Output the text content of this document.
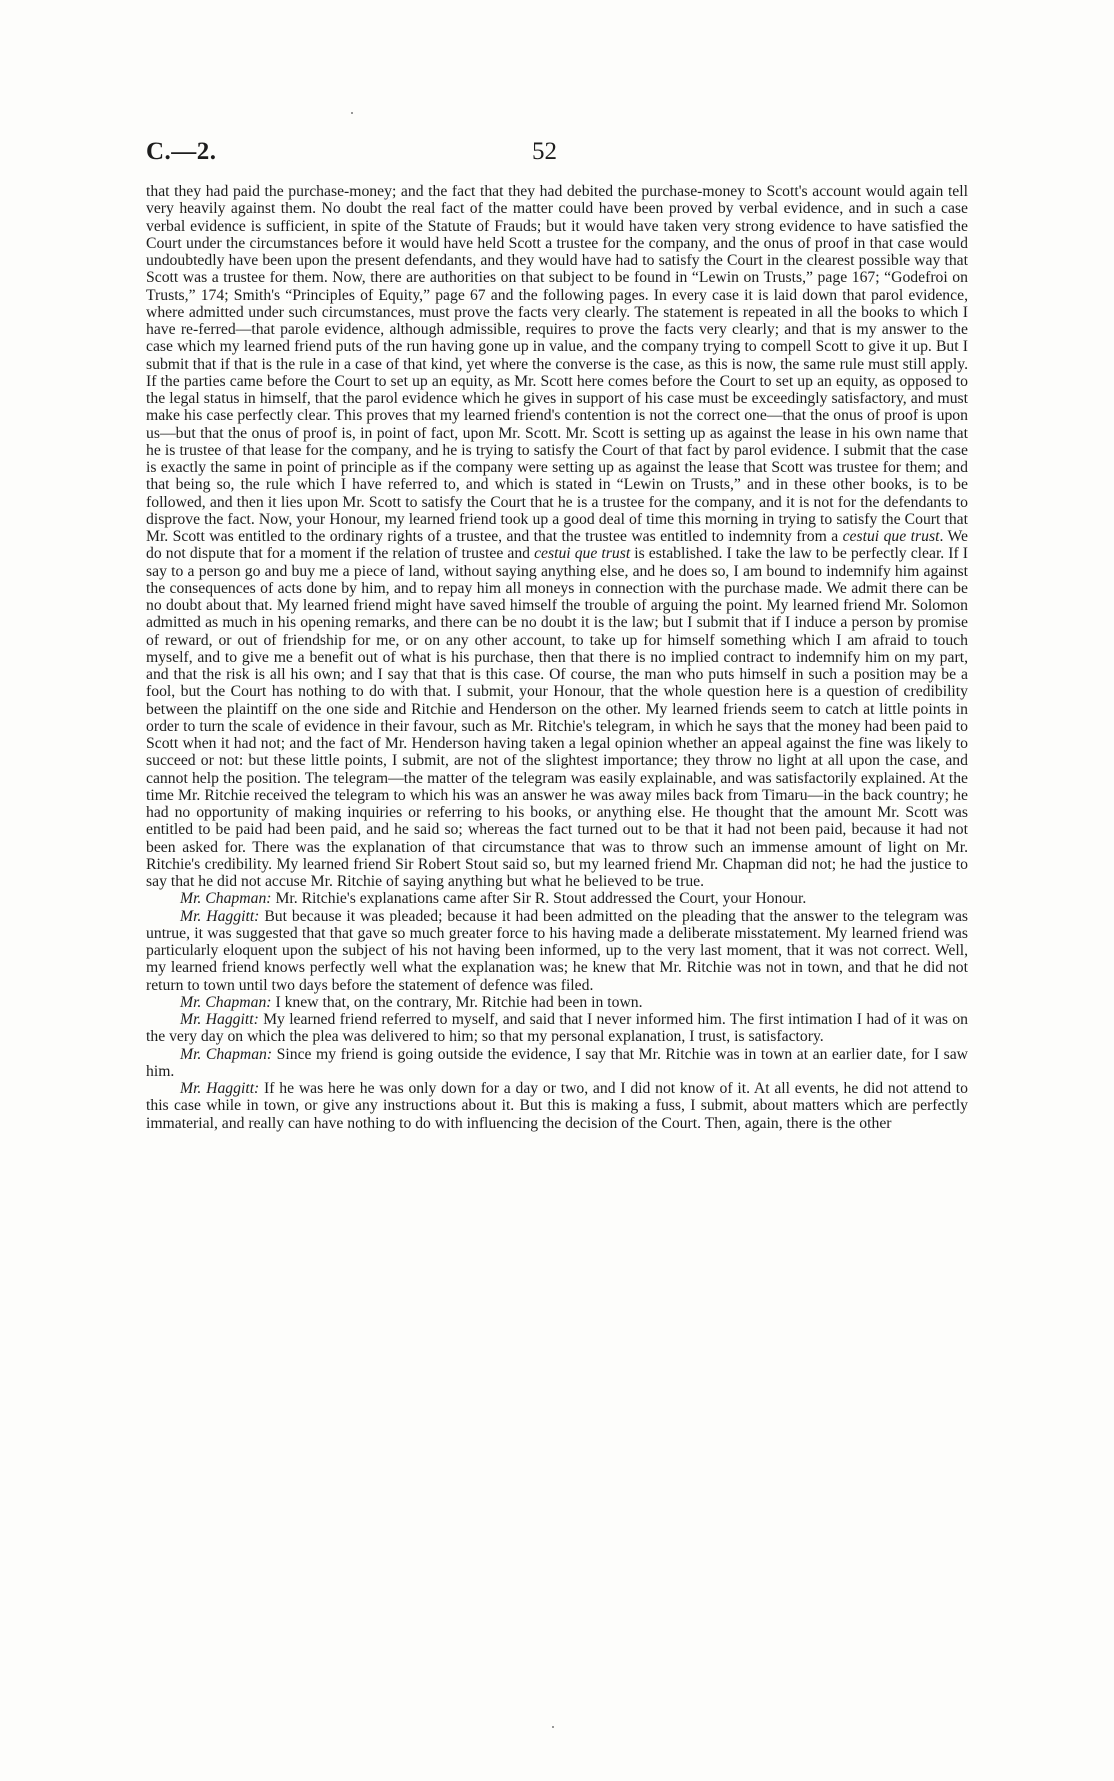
C.—2.	52

that they had paid the purchase-money; and the fact that they had debited the purchase-money to Scott's account would again tell very heavily against them. No doubt the real fact of the matter could have been proved by verbal evidence, and in such a case verbal evidence is sufficient, in spite of the Statute of Frauds; but it would have taken very strong evidence to have satisfied the Court under the circumstances before it would have held Scott a trustee for the company, and the onus of proof in that case would undoubtedly have been upon the present defendants, and they would have had to satisfy the Court in the clearest possible way that Scott was a trustee for them. Now, there are authorities on that subject to be found in “Lewin on Trusts,” page 167; “Godefroi on Trusts,” 174; Smith's “Principles of Equity,” page 67 and the following pages. In every case it is laid down that parol evidence, where admitted under such circumstances, must prove the facts very clearly. The statement is repeated in all the books to which I have re-ferred—that parole evidence, although admissible, requires to prove the facts very clearly; and that is my answer to the case which my learned friend puts of the run having gone up in value, and the company trying to compell Scott to give it up. But I submit that if that is the rule in a case of that kind, yet where the converse is the case, as this is now, the same rule must still apply. If the parties came before the Court to set up an equity, as Mr. Scott here comes before the Court to set up an equity, as opposed to the legal status in himself, that the parol evidence which he gives in support of his case must be exceedingly satisfactory, and must make his case perfectly clear. This proves that my learned friend's contention is not the correct one—that the onus of proof is upon us—but that the onus of proof is, in point of fact, upon Mr. Scott. Mr. Scott is setting up as against the lease in his own name that he is trustee of that lease for the company, and he is trying to satisfy the Court of that fact by parol evidence. I submit that the case is exactly the same in point of principle as if the company were setting up as against the lease that Scott was trustee for them; and that being so, the rule which I have referred to, and which is stated in “Lewin on Trusts,” and in these other books, is to be followed, and then it lies upon Mr. Scott to satisfy the Court that he is a trustee for the company, and it is not for the defendants to disprove the fact. Now, your Honour, my learned friend took up a good deal of time this morning in trying to satisfy the Court that Mr. Scott was entitled to the ordinary rights of a trustee, and that the trustee was entitled to indemnity from a cestui que trust. We do not dispute that for a moment if the relation of trustee and cestui que trust is established. I take the law to be perfectly clear. If I say to a person go and buy me a piece of land, without saying anything else, and he does so, I am bound to indemnify him against the consequences of acts done by him, and to repay him all moneys in connection with the purchase made. We admit there can be no doubt about that. My learned friend might have saved himself the trouble of arguing the point. My learned friend Mr. Solomon admitted as much in his opening remarks, and there can be no doubt it is the law; but I submit that if I induce a person by promise of reward, or out of friendship for me, or on any other account, to take up for himself something which I am afraid to touch myself, and to give me a benefit out of what is his purchase, then that there is no implied contract to indemnify him on my part, and that the risk is all his own; and I say that that is this case. Of course, the man who puts himself in such a position may be a fool, but the Court has nothing to do with that. I submit, your Honour, that the whole question here is a question of credibility between the plaintiff on the one side and Ritchie and Henderson on the other. My learned friends seem to catch at little points in order to turn the scale of evidence in their favour, such as Mr. Ritchie's telegram, in which he says that the money had been paid to Scott when it had not; and the fact of Mr. Henderson having taken a legal opinion whether an appeal against the fine was likely to succeed or not: but these little points, I submit, are not of the slightest importance; they throw no light at all upon the case, and cannot help the position. The telegram—the matter of the telegram was easily explainable, and was satisfactorily explained. At the time Mr. Ritchie received the telegram to which his was an answer he was away miles back from Timaru—in the back country; he had no opportunity of making inquiries or referring to his books, or anything else. He thought that the amount Mr. Scott was entitled to be paid had been paid, and he said so; whereas the fact turned out to be that it had not been paid, because it had not been asked for. There was the explanation of that circumstance that was to throw such an immense amount of light on Mr. Ritchie's credibility. My learned friend Sir Robert Stout said so, but my learned friend Mr. Chapman did not; he had the justice to say that he did not accuse Mr. Ritchie of saying anything but what he believed to be true.

Mr. Chapman: Mr. Ritchie's explanations came after Sir R. Stout addressed the Court, your Honour.

Mr. Haggitt: But because it was pleaded; because it had been admitted on the pleading that the answer to the telegram was untrue, it was suggested that that gave so much greater force to his having made a deliberate misstatement. My learned friend was particularly eloquent upon the subject of his not having been informed, up to the very last moment, that it was not correct. Well, my learned friend knows perfectly well what the explanation was; he knew that Mr. Ritchie was not in town, and that he did not return to town until two days before the statement of defence was filed.

Mr. Chapman: I knew that, on the contrary, Mr. Ritchie had been in town.

Mr. Haggitt: My learned friend referred to myself, and said that I never informed him. The first intimation I had of it was on the very day on which the plea was delivered to him; so that my personal explanation, I trust, is satisfactory.

Mr. Chapman: Since my friend is going outside the evidence, I say that Mr. Ritchie was in town at an earlier date, for I saw him.

Mr. Haggitt: If he was here he was only down for a day or two, and I did not know of it. At all events, he did not attend to this case while in town, or give any instructions about it. But this is making a fuss, I submit, about matters which are perfectly immaterial, and really can have nothing to do with influencing the decision of the Court. Then, again, there is the other
